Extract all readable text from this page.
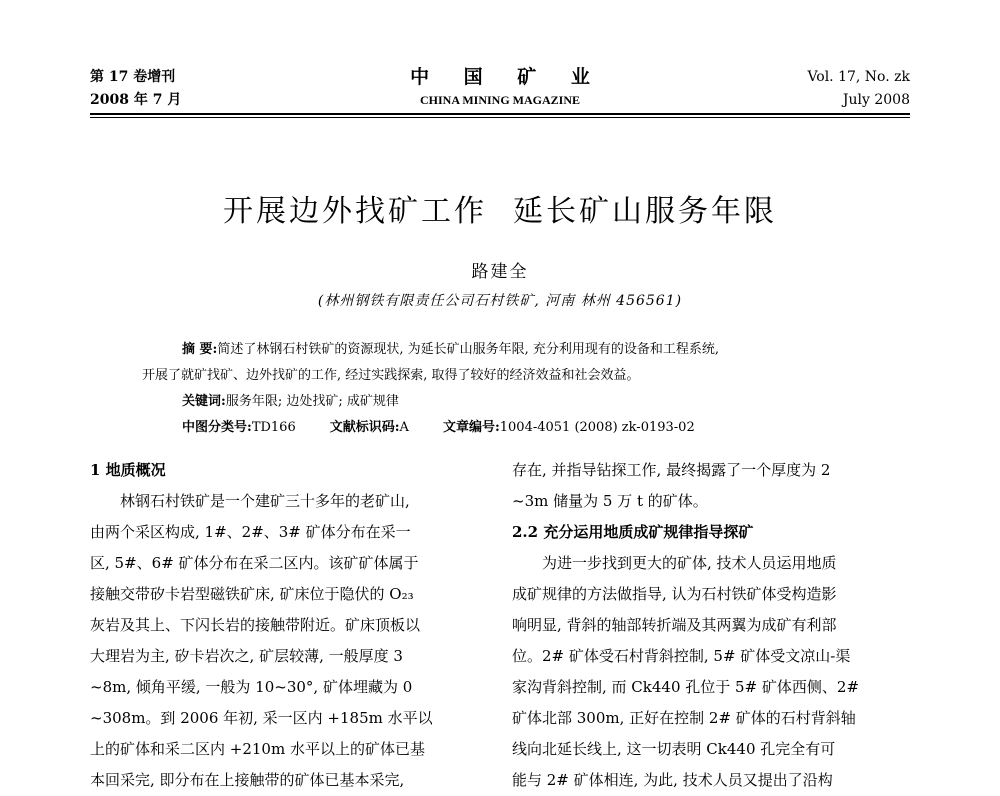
第 17 卷增刊
2008 年 7 月
中 国 矿 业
CHINA MINING MAGAZINE
Vol. 17, No. zk
July 2008
开展边外找矿工作 延长矿山服务年限
路建全
(林州钢铁有限责任公司石村铁矿, 河南 林州 456561)
摘 要:简述了林钢石村铁矿的资源现状, 为延长矿山服务年限, 充分利用现有的设备和工程系统,
开展了就矿找矿、边外找矿的工作, 经过实践探索, 取得了较好的经济效益和社会效益。
关键词:服务年限; 边处找矿; 成矿规律
中图分类号:TD166	文献标识码:A	文章编号:1004-4051 (2008) zk-0193-02

1 地质概况

林钢石村铁矿是一个建矿三十多年的老矿山,

由两个采区构成, 1#、2#、3# 矿体分布在采一

区, 5#、6# 矿体分布在采二区内。该矿矿体属于

接触交带矽卡岩型磁铁矿床, 矿床位于隐伏的 O₂₃

灰岩及其上、下闪长岩的接触带附近。矿床顶板以

大理岩为主, 矽卡岩次之, 矿层较薄, 一般厚度 3

~8m, 倾角平缓, 一般为 10~30°, 矿体埋藏为 0

~308m。到 2006 年初, 采一区内 +185m 水平以

上的矿体和采二区内 +210m 水平以上的矿体已基

本回采完, 即分布在上接触带的矿体已基本采完,

存在, 并指导钻探工作, 最终揭露了一个厚度为 2

~3m 储量为 5 万 t 的矿体。

2.2 充分运用地质成矿规律指导探矿

为进一步找到更大的矿体, 技术人员运用地质

成矿规律的方法做指导, 认为石村铁矿体受构造影

响明显, 背斜的轴部转折端及其两翼为成矿有利部

位。2# 矿体受石村背斜控制, 5# 矿体受文凉山-渠

家沟背斜控制, 而 Ck440 孔位于 5# 矿体西侧、2#

矿体北部 300m, 正好在控制 2# 矿体的石村背斜轴

线向北延长线上, 这一切表明 Ck440 孔完全有可

能与 2# 矿体相连, 为此, 技术人员又提出了沿构
